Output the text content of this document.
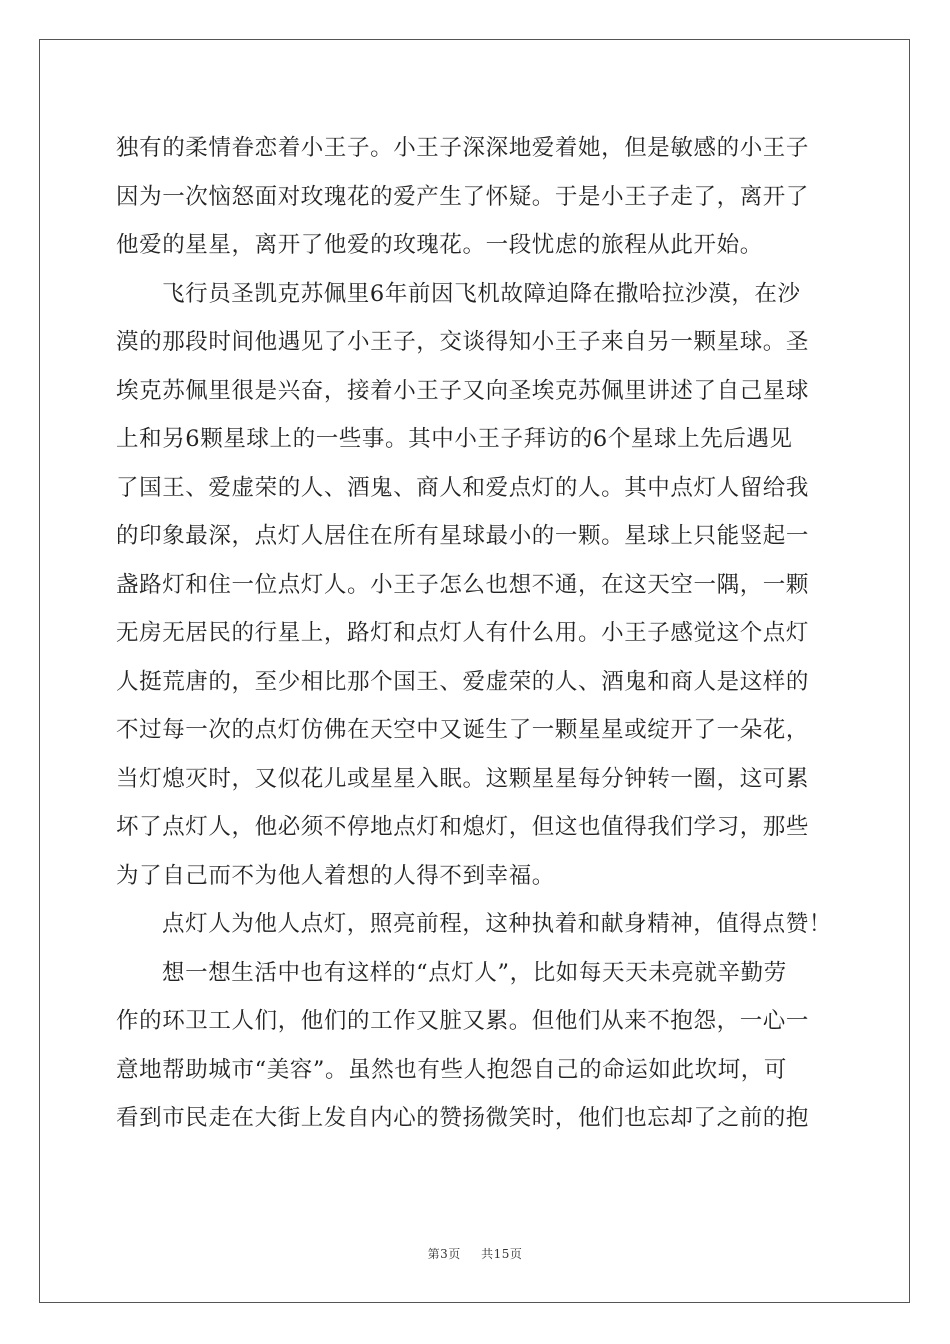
独有的柔情眷恋着小王子。小王子深深地爱着她，但是敏感的小王子
因为一次恼怒面对玫瑰花的爱产生了怀疑。于是小王子走了，离开了
他爱的星星，离开了他爱的玫瑰花。一段忧虑的旅程从此开始。
飞行员圣凯克苏佩里6年前因飞机故障迫降在撒哈拉沙漠，在沙
漠的那段时间他遇见了小王子，交谈得知小王子来自另一颗星球。圣
埃克苏佩里很是兴奋，接着小王子又向圣埃克苏佩里讲述了自己星球
上和另6颗星球上的一些事。其中小王子拜访的6个星球上先后遇见
了国王、爱虚荣的人、酒鬼、商人和爱点灯的人。其中点灯人留给我
的印象最深，点灯人居住在所有星球最小的一颗。星球上只能竖起一
盏路灯和住一位点灯人。小王子怎么也想不通，在这天空一隅，一颗
无房无居民的行星上，路灯和点灯人有什么用。小王子感觉这个点灯
人挺荒唐的，至少相比那个国王、爱虚荣的人、酒鬼和商人是这样的
不过每一次的点灯仿佛在天空中又诞生了一颗星星或绽开了一朵花，
当灯熄灭时，又似花儿或星星入眠。这颗星星每分钟转一圈，这可累
坏了点灯人，他必须不停地点灯和熄灯，但这也值得我们学习，那些
为了自己而不为他人着想的人得不到幸福。
点灯人为他人点灯，照亮前程，这种执着和献身精神，值得点赞！
想一想生活中也有这样的“点灯人”，比如每天天未亮就辛勤劳
作的环卫工人们，他们的工作又脏又累。但他们从来不抱怨，一心一
意地帮助城市“美容”。虽然也有些人抱怨自己的命运如此坎坷，可
看到市民走在大街上发自内心的赞扬微笑时，他们也忘却了之前的抱
第3页 共15页
